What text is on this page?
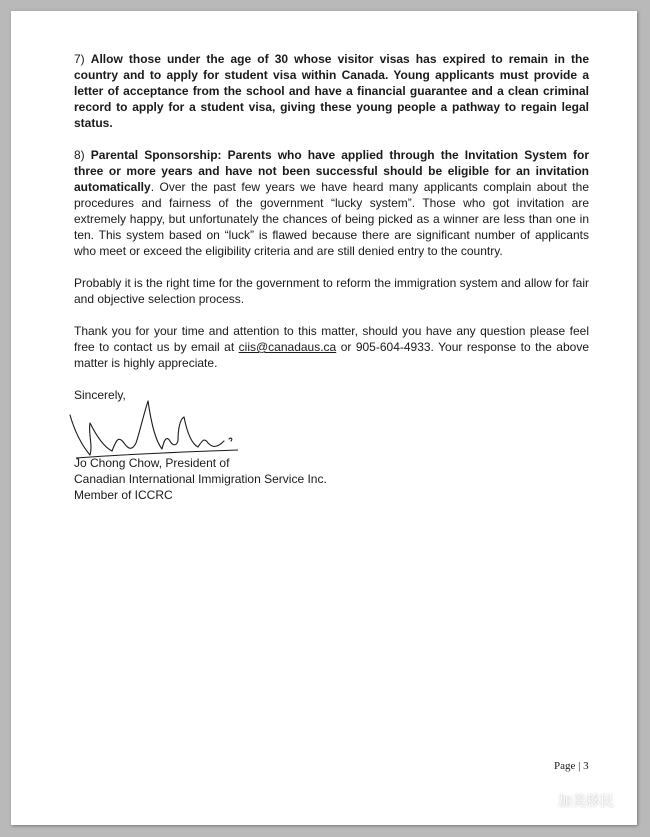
7) Allow those under the age of 30 whose visitor visas has expired to remain in the country and to apply for student visa within Canada. Young applicants must provide a letter of acceptance from the school and have a financial guarantee and a clean criminal record to apply for a student visa, giving these young people a pathway to regain legal status.

8) Parental Sponsorship: Parents who have applied through the Invitation System for three or more years and have not been successful should be eligible for an invitation automatically. Over the past few years we have heard many applicants complain about the procedures and fairness of the government “lucky system”. Those who got invitation are extremely happy, but unfortunately the chances of being picked as a winner are less than one in ten. This system based on “luck” is flawed because there are significant number of applicants who meet or exceed the eligibility criteria and are still denied entry to the country.

Probably it is the right time for the government to reform the immigration system and allow for fair and objective selection process.

Thank you for your time and attention to this matter, should you have any question please feel free to contact us by email at ciis@canadaus.ca or 905-604-4933. Your response to the above matter is highly appreciate.

Sincerely,

Jo Chong Chow, President of

Canadian International Immigration Service Inc.

Member of ICCRC

Page | 3
加美移民
